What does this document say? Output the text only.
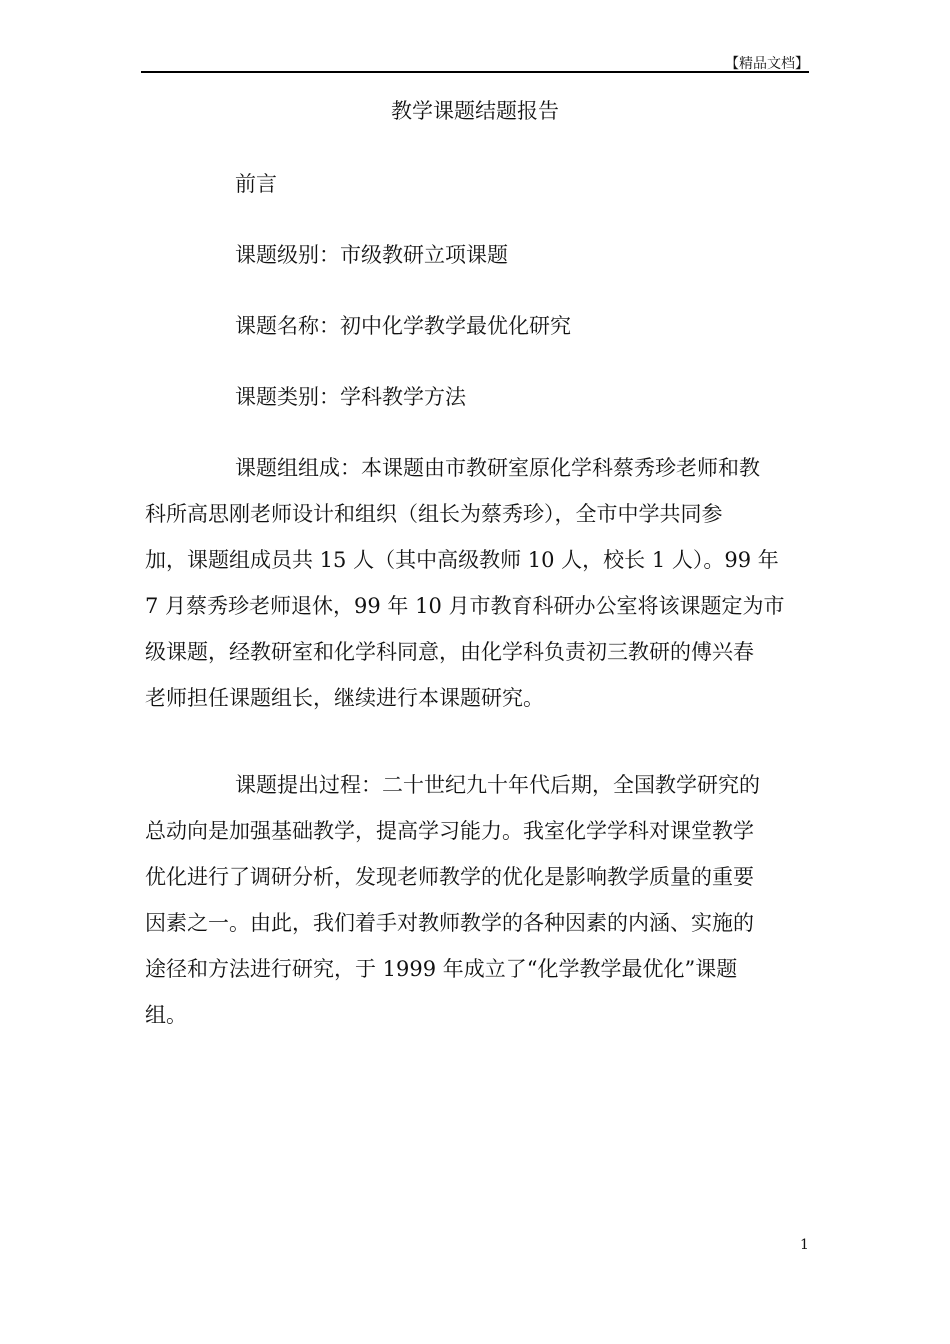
【精品文档】
教学课题结题报告
前言
课题级别：市级教研立项课题
课题名称：初中化学教学最优化研究
课题类别：学科教学方法
课题组组成：本课题由市教研室原化学科蔡秀珍老师和教
科所高思刚老师设计和组织（组长为蔡秀珍），全市中学共同参
加，课题组成员共 15 人（其中高级教师 10 人，校长 1 人）。99 年
7 月蔡秀珍老师退休，99 年 10 月市教育科研办公室将该课题定为市
级课题，经教研室和化学科同意，由化学科负责初三教研的傅兴春
老师担任课题组长，继续进行本课题研究。
课题提出过程：二十世纪九十年代后期，全国教学研究的
总动向是加强基础教学，提高学习能力。我室化学学科对课堂教学
优化进行了调研分析，发现老师教学的优化是影响教学质量的重要
因素之一。由此，我们着手对教师教学的各种因素的内涵、实施的
途径和方法进行研究，于 1999 年成立了“化学教学最优化”课题
组。
1
